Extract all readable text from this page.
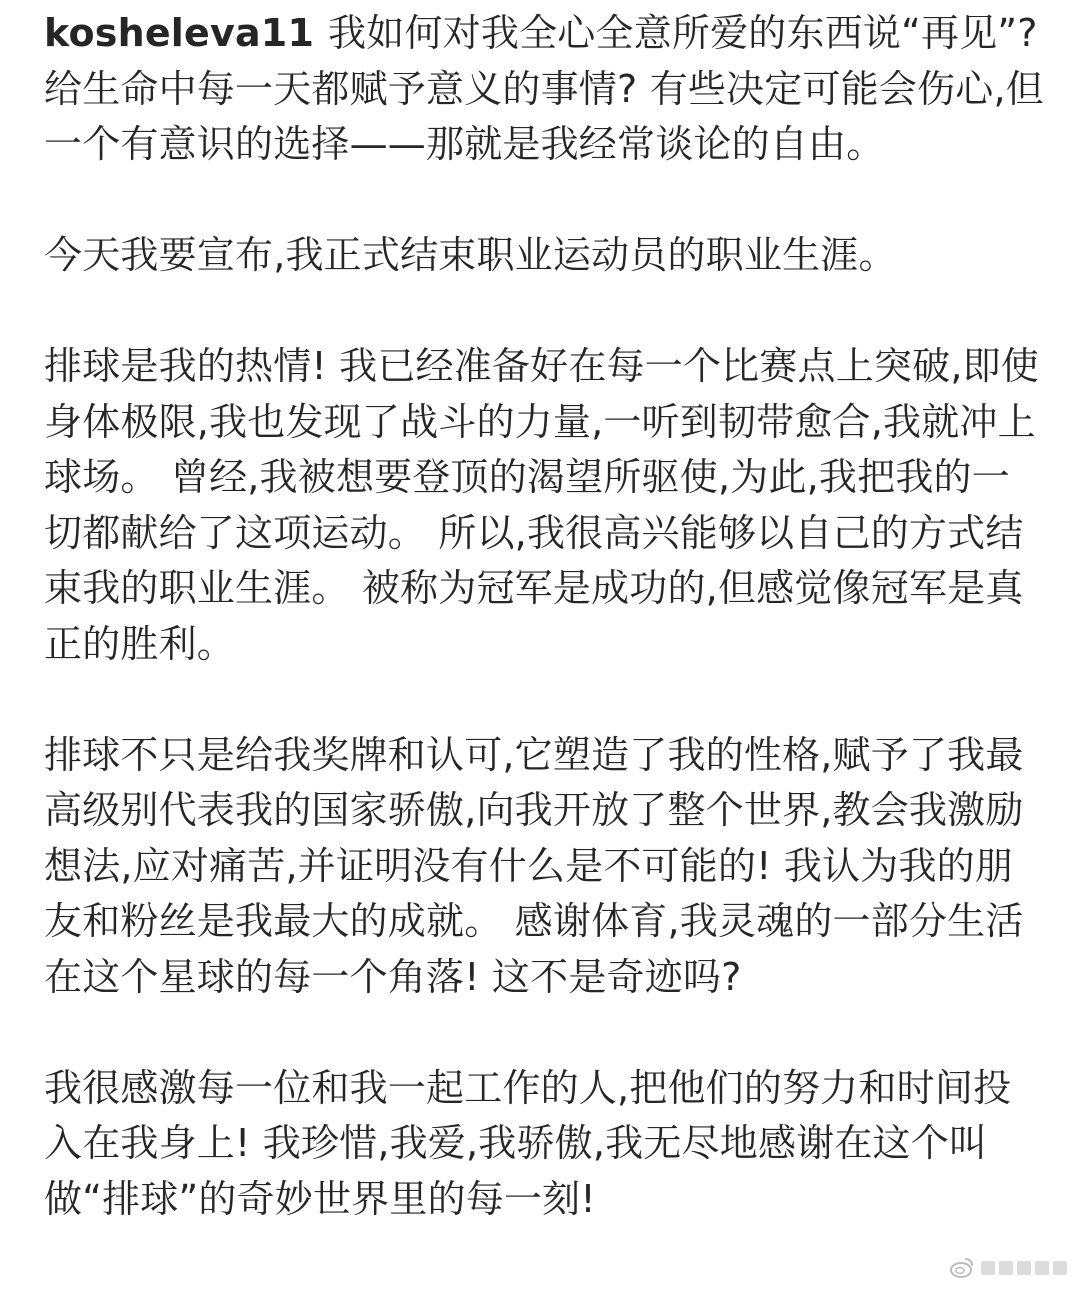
kosheleva11 我如何对我全心全意所爱的东西说“再见”? 给生命中每一天都赋予意义的事情? 有些决定可能会伤心,但一个有意识的选择——那就是我经常谈论的自由。

今天我要宣布,我正式结束职业运动员的职业生涯。

排球是我的热情! 我已经准备好在每一个比赛点上突破,即使身体极限,我也发现了战斗的力量,一听到韧带愈合,我就冲上球场。 曾经,我被想要登顶的渴望所驱使,为此,我把我的一切都献给了这项运动。 所以,我很高兴能够以自己的方式结束我的职业生涯。 被称为冠军是成功的,但感觉像冠军是真正的胜利。

排球不只是给我奖牌和认可,它塑造了我的性格,赋予了我最高级别代表我的国家骄傲,向我开放了整个世界,教会我激励想法,应对痛苦,并证明没有什么是不可能的! 我认为我的朋友和粉丝是我最大的成就。 感谢体育,我灵魂的一部分生活在这个星球的每一个角落! 这不是奇迹吗?

我很感激每一位和我一起工作的人,把他们的努力和时间投入在我身上! 我珍惜,我爱,我骄傲,我无尽地感谢在这个叫做“排球”的奇妙世界里的每一刻!
